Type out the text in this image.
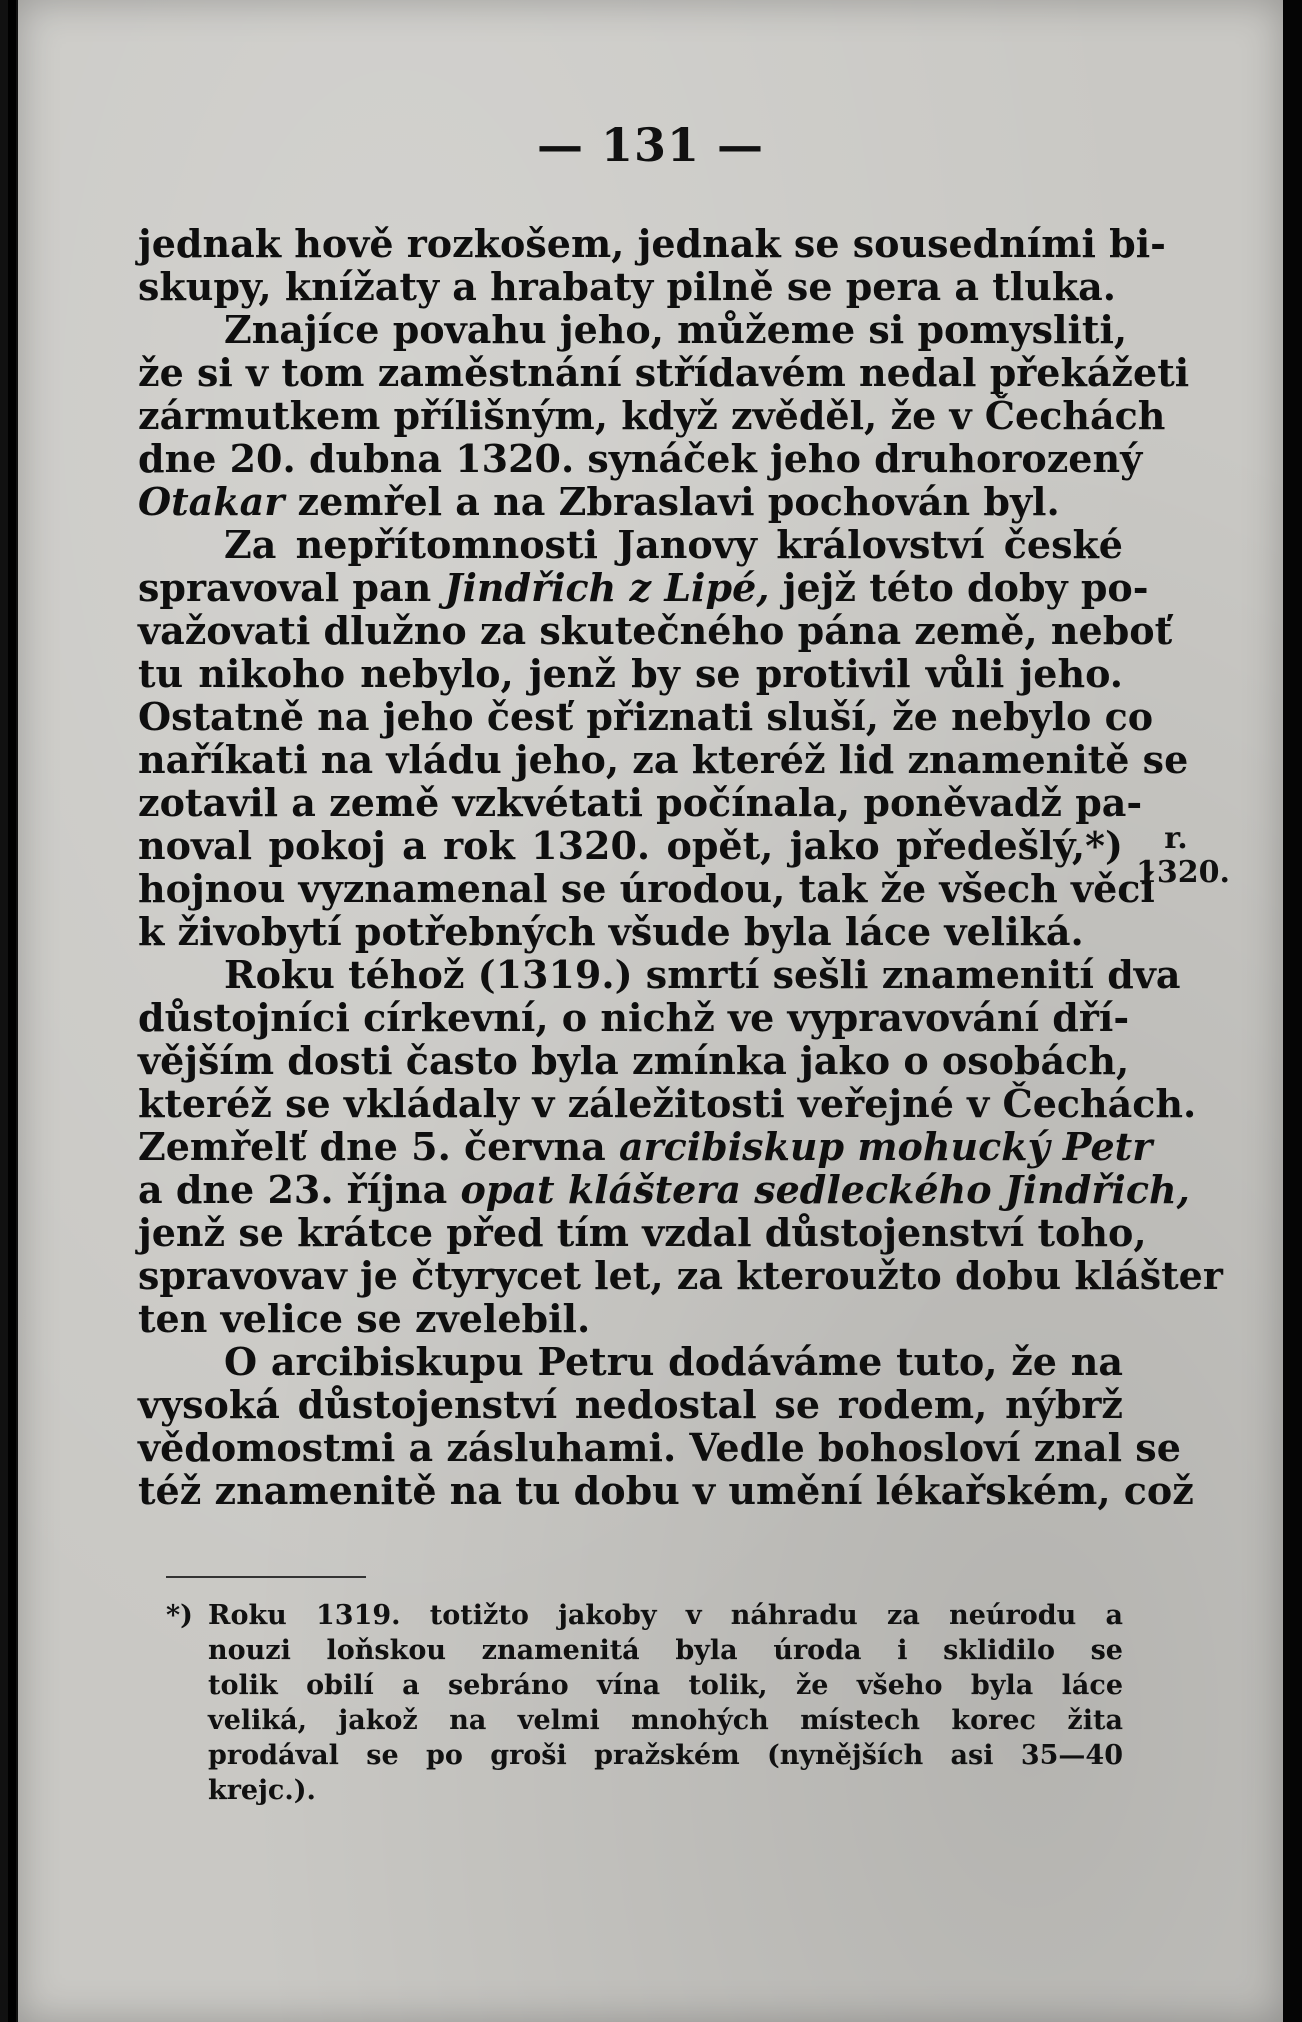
— 131 —
jednak hově rozkošem, jednak se sousedními bi-
skupy, knížaty a hrabaty pilně se pera a tluka.
Znajíce povahu jeho, můžeme si pomysliti,
že si v tom zaměstnání střídavém nedal překážeti
zármutkem přílišným, když zvěděl, že v Čechách
dne 20. dubna 1320. synáček jeho druhorozený
Otakar zemřel a na Zbraslavi pochován byl.
Za nepřítomnosti Janovy království české
spravoval pan Jindřich z Lipé, jejž této doby po-
važovati dlužno za skutečného pána země, neboť
tu nikoho nebylo, jenž by se protivil vůli jeho.
Ostatně na jeho česť přiznati sluší, že nebylo co
naříkati na vládu jeho, za kteréž lid znamenitě se
zotavil a země vzkvétati počínala, poněvadž pa-
noval pokoj a rok 1320. opět, jako předešlý,*)
hojnou vyznamenal se úrodou, tak že všech věcí
k živobytí potřebných všude byla láce veliká.
Roku téhož (1319.) smrtí sešli znamenití dva
důstojníci církevní, o nichž ve vypravování dří-
vějším dosti často byla zmínka jako o osobách,
kteréž se vkládaly v záležitosti veřejné v Čechách.
Zemřelť dne 5. června arcibiskup mohucký Petr
a dne 23. října opat kláštera sedleckého Jindřich,
jenž se krátce před tím vzdal důstojenství toho,
spravovav je čtyrycet let, za kteroužto dobu klášter
ten velice se zvelebil.
O arcibiskupu Petru dodáváme tuto, že na
vysoká důstojenství nedostal se rodem, nýbrž
vědomostmi a zásluhami. Vedle bohosloví znal se
též znamenitě na tu dobu v umění lékařském, což
r.
1320.
*) Roku 1319. totižto jakoby v náhradu za neúrodu a
nouzi loňskou znamenitá byla úroda i sklidilo se
tolik obilí a sebráno vína tolik, že všeho byla láce
veliká, jakož na velmi mnohých místech korec žita
prodával se po groši pražském (nynějších asi 35—40
krejc.).
